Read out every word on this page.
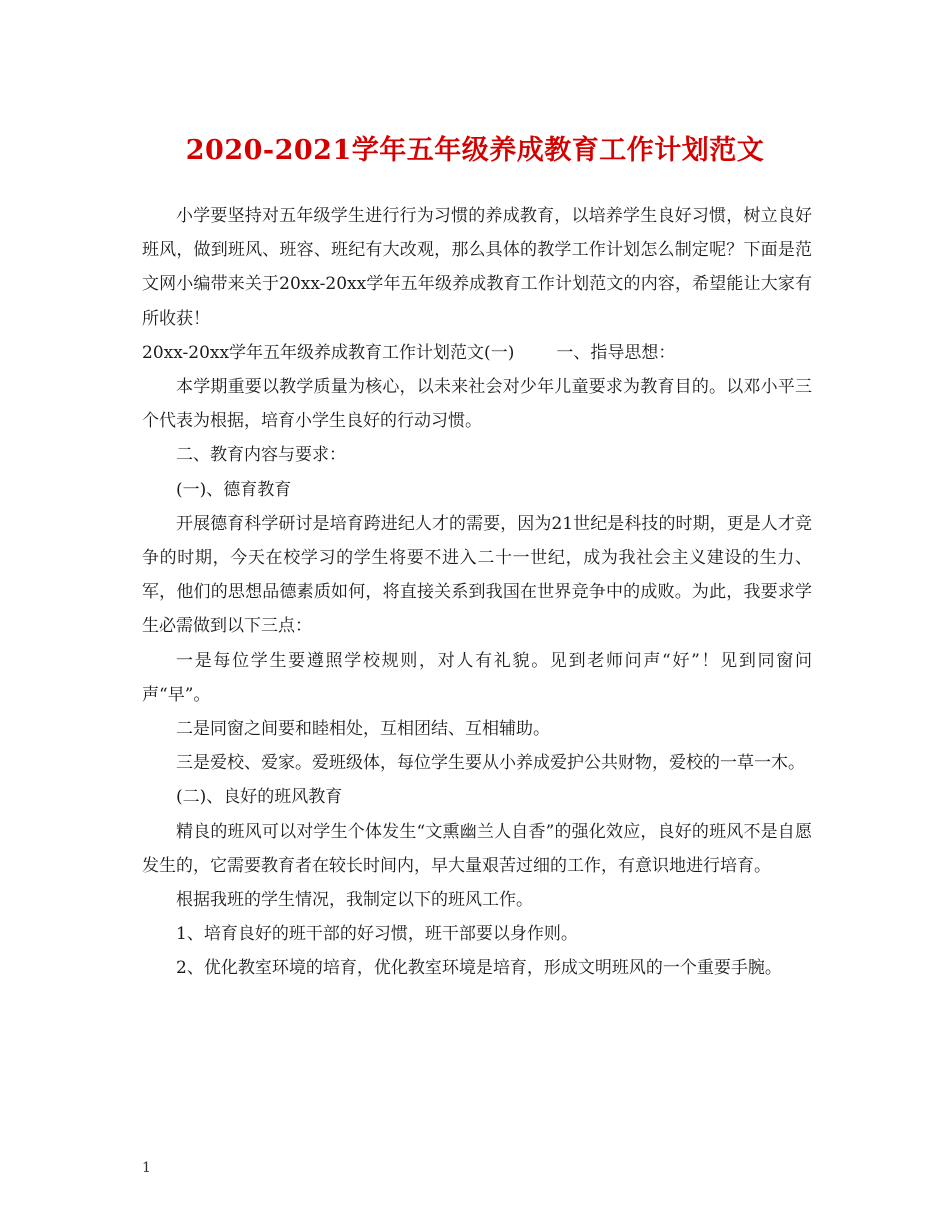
2020-2021学年五年级养成教育工作计划范文

小学要坚持对五年级学生进行行为习惯的养成教育，以培养学生良好习惯，树立良好班风，做到班风、班容、班纪有大改观，那么具体的教学工作计划怎么制定呢？下面是范文网小编带来关于20xx-20xx学年五年级养成教育工作计划范文的内容，希望能让大家有所收获！

20xx-20xx学年五年级养成教育工作计划范文(一) 一、指导思想：

本学期重要以教学质量为核心，以未来社会对少年儿童要求为教育目的。以邓小平三个代表为根据，培育小学生良好的行动习惯。

二、教育内容与要求：

(一)、德育教育

开展德育科学研讨是培育跨进纪人才的需要，因为21世纪是科技的时期，更是人才竞争的时期，今天在校学习的学生将要不进入二十一世纪，成为我社会主义建设的生力、军，他们的思想品德素质如何，将直接关系到我国在世界竞争中的成败。为此，我要求学生必需做到以下三点：

一是每位学生要遵照学校规则，对人有礼貌。见到老师问声“好”！见到同窗问声“早”。

二是同窗之间要和睦相处，互相团结、互相辅助。

三是爱校、爱家。爱班级体，每位学生要从小养成爱护公共财物，爱校的一草一木。

(二)、良好的班风教育

精良的班风可以对学生个体发生“文熏幽兰人自香”的强化效应，良好的班风不是自愿发生的，它需要教育者在较长时间内，早大量艰苦过细的工作，有意识地进行培育。

根据我班的学生情况，我制定以下的班风工作。

1、培育良好的班干部的好习惯，班干部要以身作则。

2、优化教室环境的培育，优化教室环境是培育，形成文明班风的一个重要手腕。

1
